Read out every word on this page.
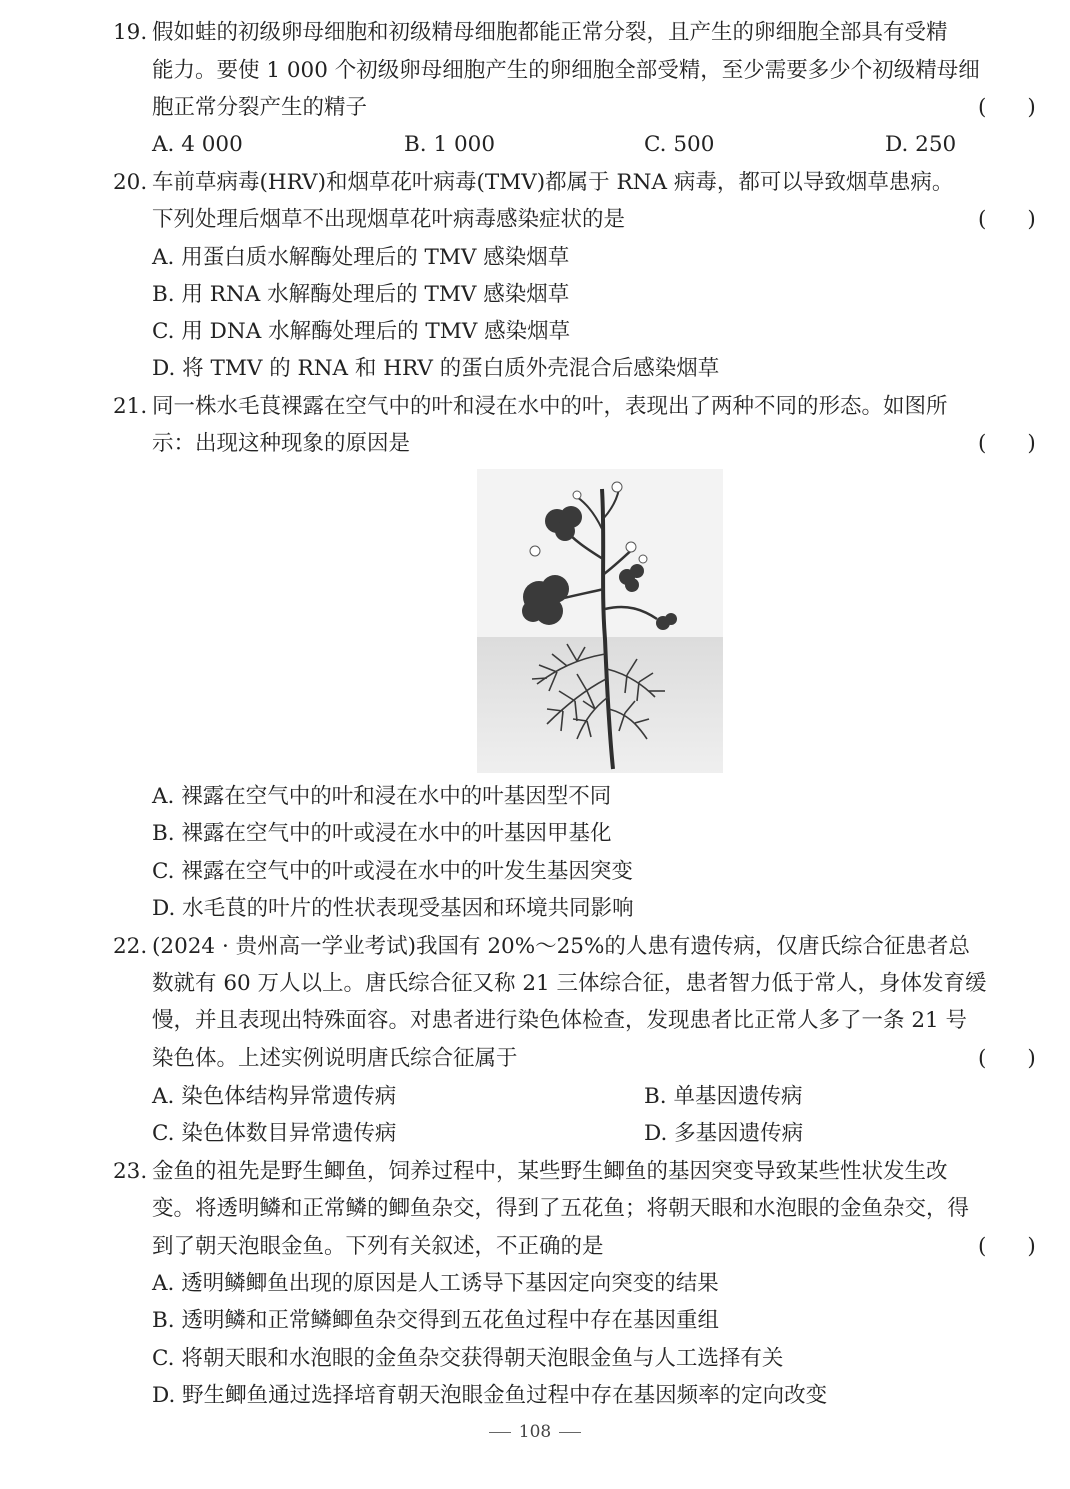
19. 假如蛙的初级卵母细胞和初级精母细胞都能正常分裂，且产生的卵细胞全部具有受精
能力。要使 1 000 个初级卵母细胞产生的卵细胞全部受精，至少需要多少个初级精母细
胞正常分裂产生的精子	(      )
A. 4 000	B. 1 000	C. 500	D. 250
20. 车前草病毒(HRV)和烟草花叶病毒(TMV)都属于 RNA 病毒，都可以导致烟草患病。
下列处理后烟草不出现烟草花叶病毒感染症状的是	(      )
A. 用蛋白质水解酶处理后的 TMV 感染烟草
B. 用 RNA 水解酶处理后的 TMV 感染烟草
C. 用 DNA 水解酶处理后的 TMV 感染烟草
D. 将 TMV 的 RNA 和 HRV 的蛋白质外壳混合后感染烟草
21. 同一株水毛茛裸露在空气中的叶和浸在水中的叶，表现出了两种不同的形态。如图所
示：出现这种现象的原因是	(      )
A. 裸露在空气中的叶和浸在水中的叶基因型不同
B. 裸露在空气中的叶或浸在水中的叶基因甲基化
C. 裸露在空气中的叶或浸在水中的叶发生基因突变
D. 水毛茛的叶片的性状表现受基因和环境共同影响
22. (2024 · 贵州高一学业考试)我国有 20%～25%的人患有遗传病，仅唐氏综合征患者总
数就有 60 万人以上。唐氏综合征又称 21 三体综合征，患者智力低于常人，身体发育缓
慢，并且表现出特殊面容。对患者进行染色体检查，发现患者比正常人多了一条 21 号
染色体。上述实例说明唐氏综合征属于	(      )
A. 染色体结构异常遗传病	B. 单基因遗传病
C. 染色体数目异常遗传病	D. 多基因遗传病
23. 金鱼的祖先是野生鲫鱼，饲养过程中，某些野生鲫鱼的基因突变导致某些性状发生改
变。将透明鳞和正常鳞的鲫鱼杂交，得到了五花鱼；将朝天眼和水泡眼的金鱼杂交，得
到了朝天泡眼金鱼。下列有关叙述，不正确的是	(      )
A. 透明鳞鲫鱼出现的原因是人工诱导下基因定向突变的结果
B. 透明鳞和正常鳞鲫鱼杂交得到五花鱼过程中存在基因重组
C. 将朝天眼和水泡眼的金鱼杂交获得朝天泡眼金鱼与人工选择有关
D. 野生鲫鱼通过选择培育朝天泡眼金鱼过程中存在基因频率的定向改变
108
